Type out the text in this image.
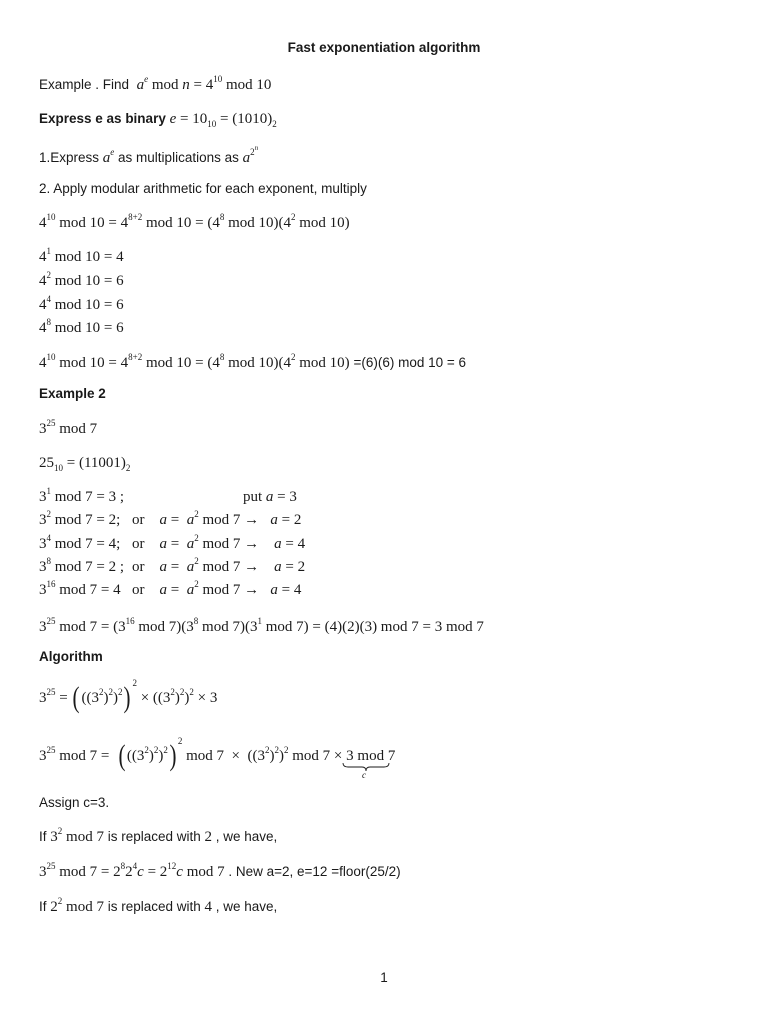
Fast exponentiation algorithm
Example . Find $a^e$ mod $n = 4^{10}$ mod 10
Express e as binary $e = 10_{10} = (1010)_2$
1.Express $a^e$ as multiplications as $a^{2^n}$
2. Apply modular arithmetic for each exponent, multiply
$4^{10}$ mod $10 = 4^{8+2}$ mod $10 = (4^8$ mod $10)(4^2$ mod 10)
$4^1$ mod 10 = 4
$4^2$ mod 10 = 6
$4^4$ mod 10 = 6
$4^8$ mod 10 = 6
$4^{10}$ mod $10 = 4^{8+2}$ mod $10 = (4^8$ mod $10)(4^2$ mod 10) =(6)(6) mod 10 = 6
Example 2
$3^{25}$ mod 7
$25_{10} = (11001)_2$
$3^1$ mod 7 = 3 ;	put a = 3
$3^2$ mod 7 = 2; or $a = a^2$ mod 7 → a = 2
$3^4$ mod 7 = 4; or $a = a^2$ mod 7 → a = 4
$3^8$ mod 7 = 2 ; or $a = a^2$ mod 7 → a = 2
$3^{16}$ mod 7 = 4 or $a = a^2$ mod 7 → a = 4
$3^{25}$ mod $7 = (3^{16}$ mod $7)(3^8$ mod $7)(3^1$ mod 7) = (4)(2)(3) mod 7 = 3 mod 7
Algorithm
$3^{25}$ = ( $((3^2)^2)^2$) $^2 \times ((3^2)^2)^2 \times 3$
$3^{25}$ mod 7 =  ( $((3^2)^2)^2$) $^2$ mod $7 \times ((3^2)^2)^2$ mod 7 × 3 mod 7
c
Assign c=3.
If $3^2$ mod 7 is replaced with 2 , we have,
$3^{25}$ mod $7 = 2^82^4c = 2^{12}c$ mod 7 . New a=2, e=12 =floor(25/2)
If $2^2$ mod 7 is replaced with 4 , we have,
1
